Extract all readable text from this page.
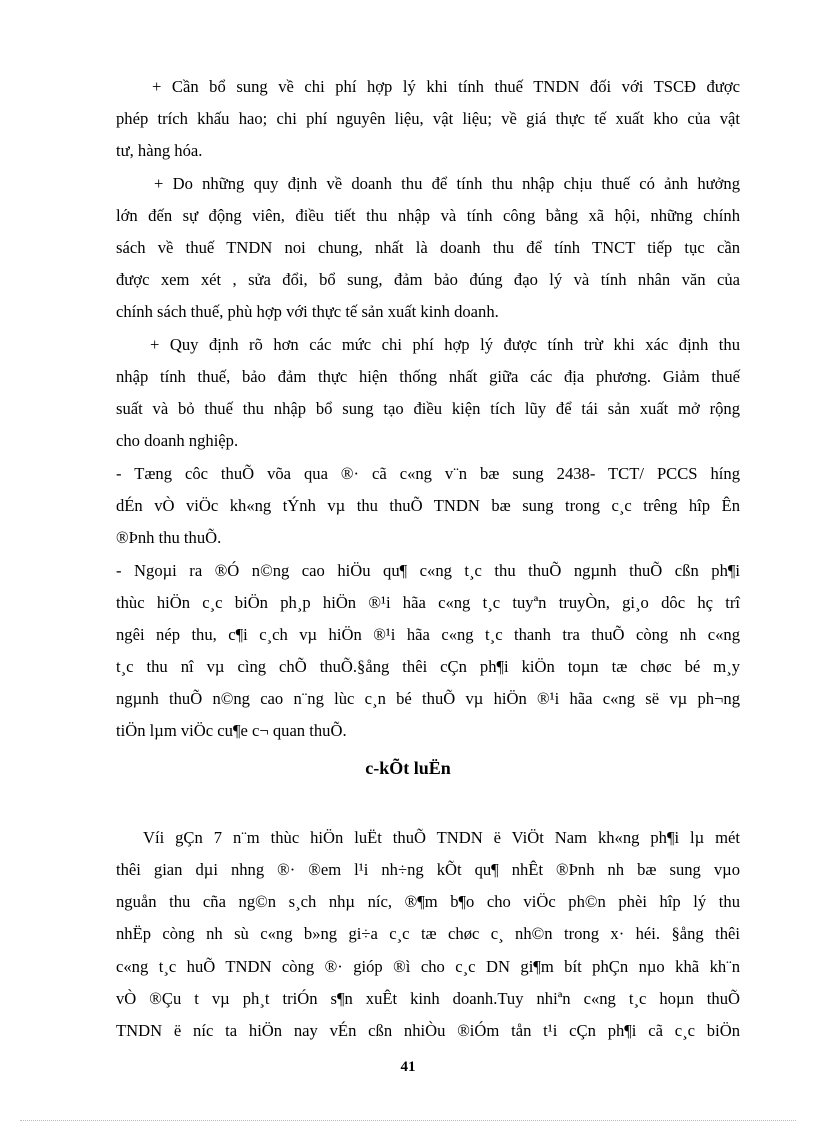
+ Cần bổ sung về chi phí hợp lý khi tính thuế TNDN đối với TSCĐ được
phép trích khấu hao; chi phí nguyên liệu, vật liệu; về giá thực tế xuất kho của vật
tư, hàng hóa.
+ Do những quy định về doanh thu để tính thu nhập chịu thuế có ảnh hưởng
lớn đến sự động viên, điều tiết thu nhập và tính công bằng xã hội, những chính
sách về thuế TNDN noi chung, nhất là doanh thu để tính TNCT tiếp tục cần
được xem xét , sửa đổi, bổ sung, đảm bảo đúng đạo lý và tính nhân văn của
chính sách thuế, phù hợp với thực tế sản xuất kinh doanh.
+ Quy định rõ hơn các mức chi phí hợp lý được tính trừ khi xác định thu
nhập tính thuế, bảo đảm thực hiện thống nhất giữa các địa phương. Giảm thuế
suất và bỏ thuế thu nhập bổ sung tạo điều kiện tích lũy để tái sản xuất mở rộng
cho doanh nghiệp.
- Tæng côc thuÕ võa qua ®· cã c«ng v¨n bæ sung 2438- TCT/ PCCS híng
dÉn vÒ viÖc kh«ng tÝnh vµ thu thuÕ TNDN bæ sung trong c¸c trêng hîp Ên
®Þnh thu thuÕ.
- Ngoµi ra ®Ó n©ng cao hiÖu qu¶ c«ng t¸c thu thuÕ ngµnh thuÕ cßn ph¶i
thùc hiÖn c¸c biÖn ph¸p hiÖn ®¹i hãa c«ng t¸c tuyªn truyÒn, gi¸o dôc hç trî
ngêi nép thu, c¶i c¸ch vµ hiÖn ®¹i hãa c«ng t¸c thanh tra thuÕ còng nh c«ng
t¸c thu nî vµ cìng chÕ thuÕ.§ång thêi cÇn ph¶i kiÖn toµn tæ chøc bé m¸y
ngµnh thuÕ n©ng cao n¨ng lùc c¸n bé thuÕ vµ hiÖn ®¹i hãa c«ng së vµ ph¬ng
tiÖn lµm viÖc cu¶e c¬ quan thuÕ.
c-kÕt luËn
Víi gÇn 7 n¨m thùc hiÖn luËt thuÕ TNDN ë ViÖt Nam kh«ng ph¶i lµ mét
thêi gian dµi nhng ®· ®em l¹i nh÷ng kÕt qu¶ nhÊt ®Þnh nh bæ sung vµo
nguån thu cña ng©n s¸ch nhµ níc, ®¶m b¶o cho viÖc ph©n phèi hîp lý thu
nhËp còng nh sù c«ng b»ng gi÷a c¸c tæ chøc c¸ nh©n trong x· héi. §ång thêi
c«ng t¸c huÕ TNDN còng ®· gióp ®ì cho c¸c DN gi¶m bít phÇn nµo khã kh¨n
vÒ ®Çu t vµ ph¸t triÓn s¶n xuÊt kinh doanh.Tuy nhiªn c«ng t¸c hoµn thuÕ
TNDN ë níc ta hiÖn nay vÉn cßn nhiÒu ®iÓm tån t¹i cÇn ph¶i cã c¸c biÖn
41
